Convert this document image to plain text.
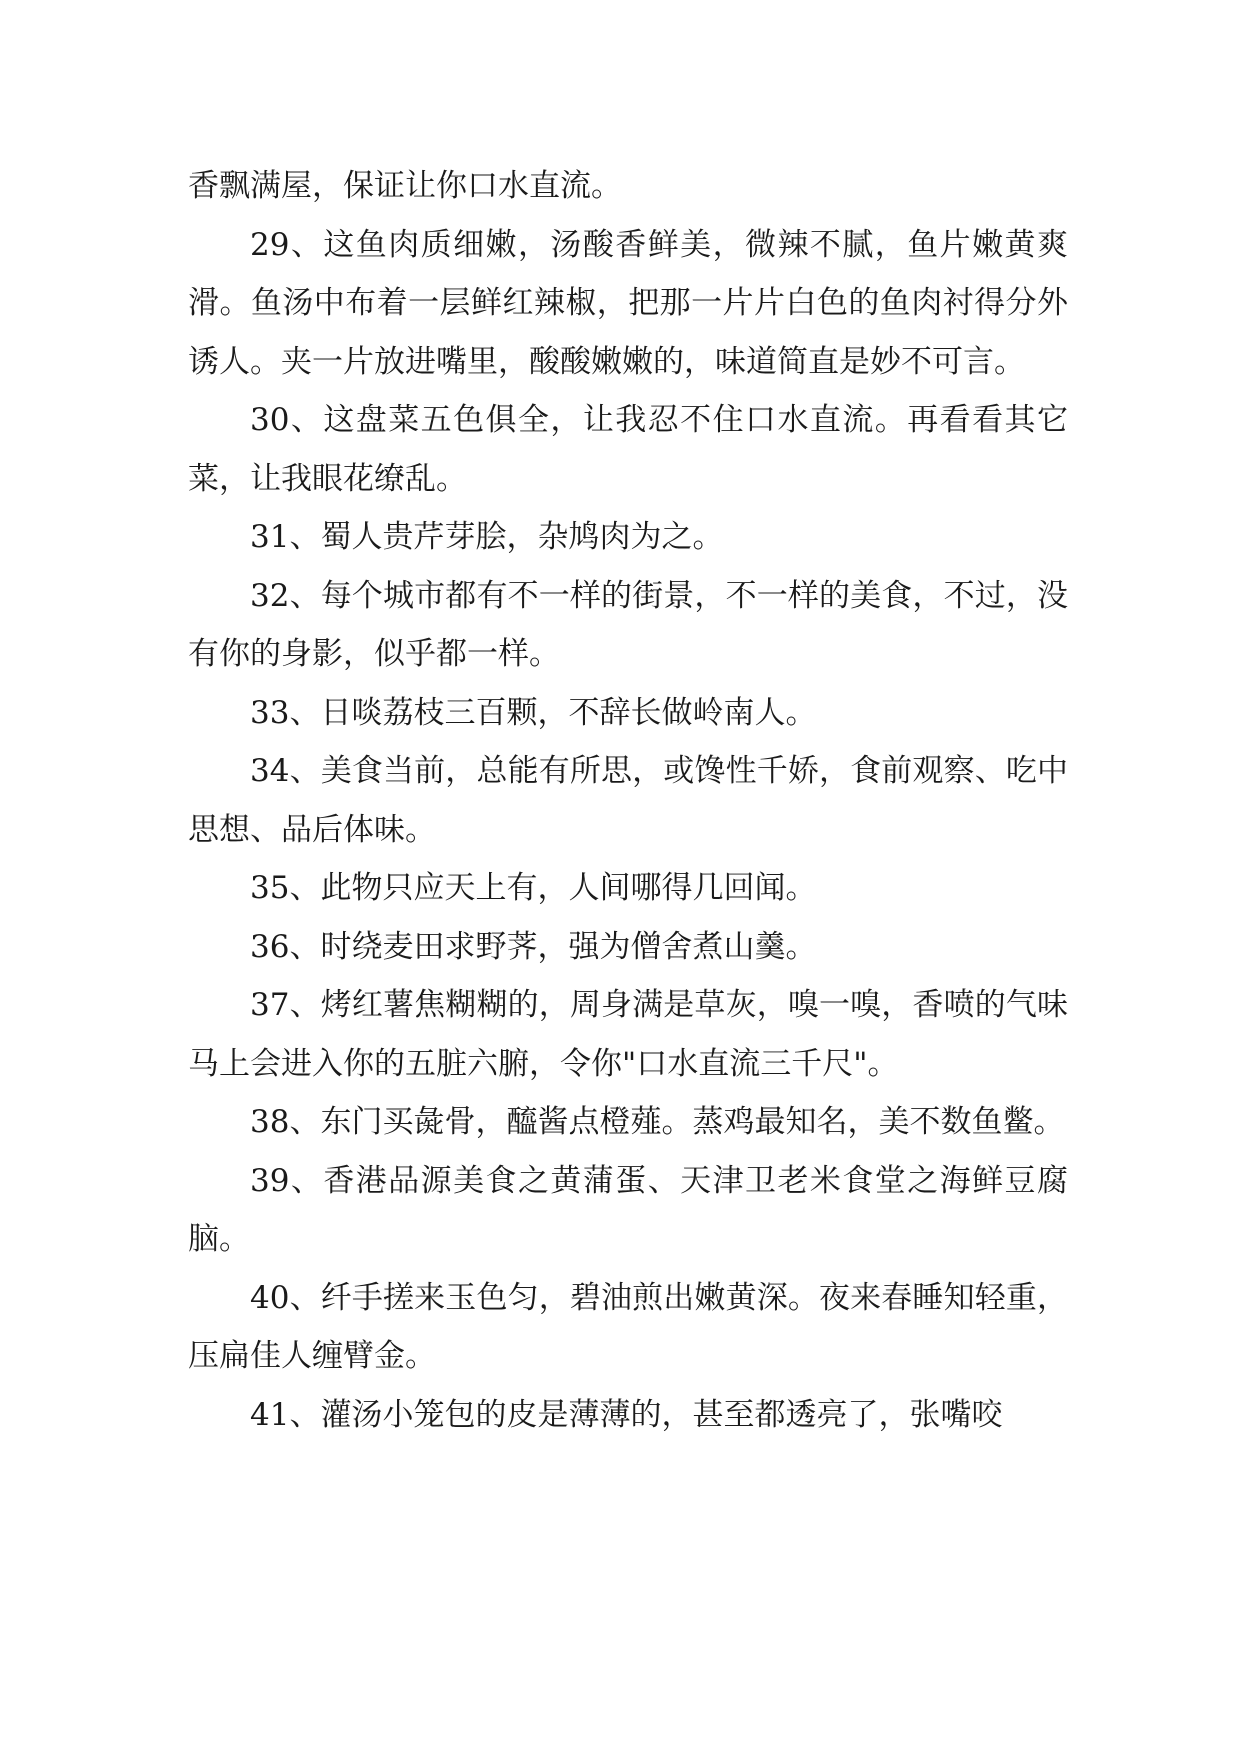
香飘满屋，保证让你口水直流。

29、这鱼肉质细嫩，汤酸香鲜美，微辣不腻，鱼片嫩黄爽滑。鱼汤中布着一层鲜红辣椒，把那一片片白色的鱼肉衬得分外诱人。夹一片放进嘴里，酸酸嫩嫩的，味道简直是妙不可言。

30、这盘菜五色俱全，让我忍不住口水直流。再看看其它菜，让我眼花缭乱。

31、蜀人贵芹芽脍，杂鸠肉为之。

32、每个城市都有不一样的街景，不一样的美食，不过，没有你的身影，似乎都一样。

33、日啖荔枝三百颗，不辞长做岭南人。

34、美食当前，总能有所思，或馋性千娇，食前观察、吃中思想、品后体味。

35、此物只应天上有，人间哪得几回闻。

36、时绕麦田求野荠，强为僧舍煮山羹。

37、烤红薯焦糊糊的，周身满是草灰，嗅一嗅，香喷的气味马上会进入你的五脏六腑，令你"口水直流三千尺"。

38、东门买彘骨，醯酱点橙薤。蒸鸡最知名，美不数鱼鳖。

39、香港品源美食之黄蒲蛋、天津卫老米食堂之海鲜豆腐脑。

40、纤手搓来玉色匀，碧油煎出嫩黄深。夜来春睡知轻重，压扁佳人缠臂金。

41、灌汤小笼包的皮是薄薄的，甚至都透亮了，张嘴咬
